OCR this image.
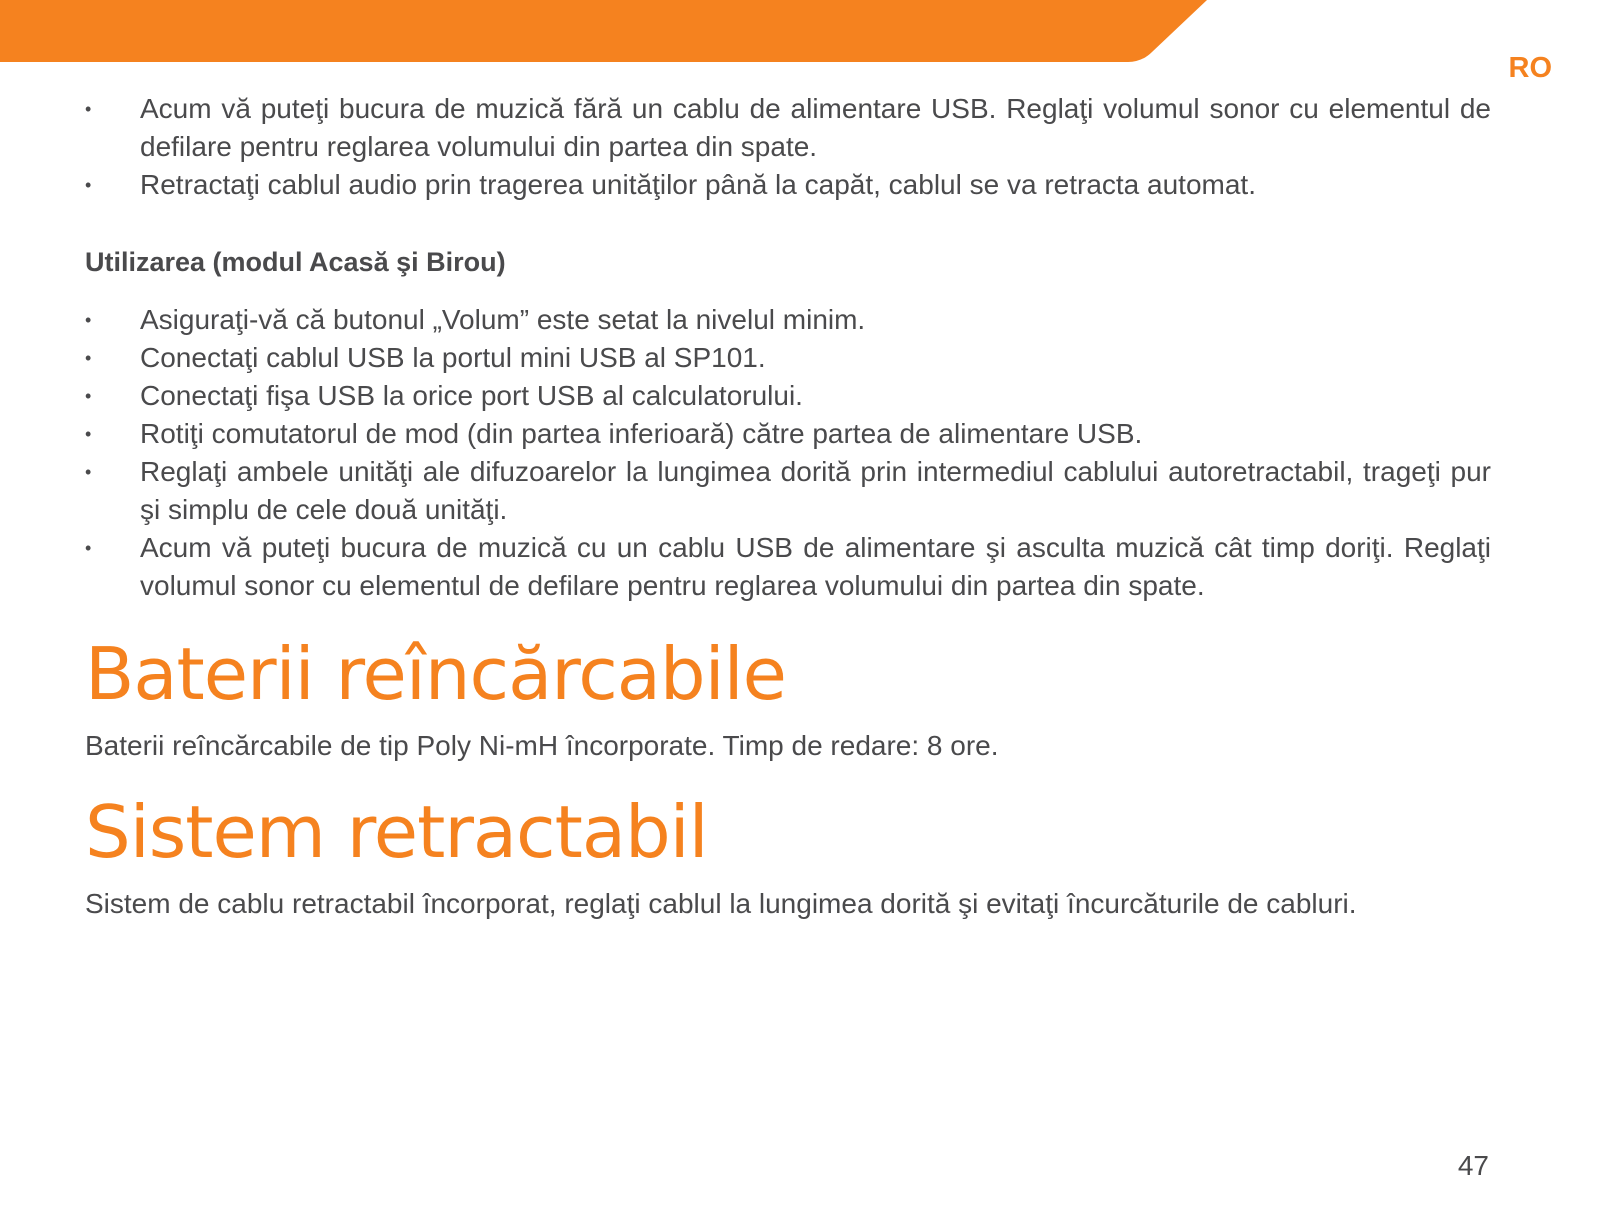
RO
•	Acum vă puteţi bucura de muzică fără un cablu de alimentare USB. Reglaţi volumul sonor cu elementul de defilare pentru reglarea volumului din partea din spate.
•	Retractaţi cablul audio prin tragerea unităţilor până la capăt, cablul se va retracta automat.
Utilizarea (modul Acasă şi Birou)
•	Asiguraţi-vă că butonul „Volum” este setat la nivelul minim.
•	Conectaţi cablul USB la portul mini USB al SP101.
•	Conectaţi fişa USB la orice port USB al calculatorului.
•	Rotiţi comutatorul de mod (din partea inferioară) către partea de alimentare USB.
•	Reglaţi ambele unităţi ale difuzoarelor la lungimea dorită prin intermediul cablului autoretractabil, trageţi pur şi simplu de cele două unităţi.
•	Acum vă puteţi bucura de muzică cu un cablu USB de alimentare şi asculta muzică cât timp doriţi. Reglaţi volumul sonor cu elementul de defilare pentru reglarea volumului din partea din spate.
Baterii reîncărcabile

Baterii reîncărcabile de tip Poly Ni-mH încorporate. Timp de redare: 8 ore.

Sistem retractabil

Sistem de cablu retractabil încorporat, reglaţi cablul la lungimea dorită şi evitaţi încurcăturile de cabluri.

47
